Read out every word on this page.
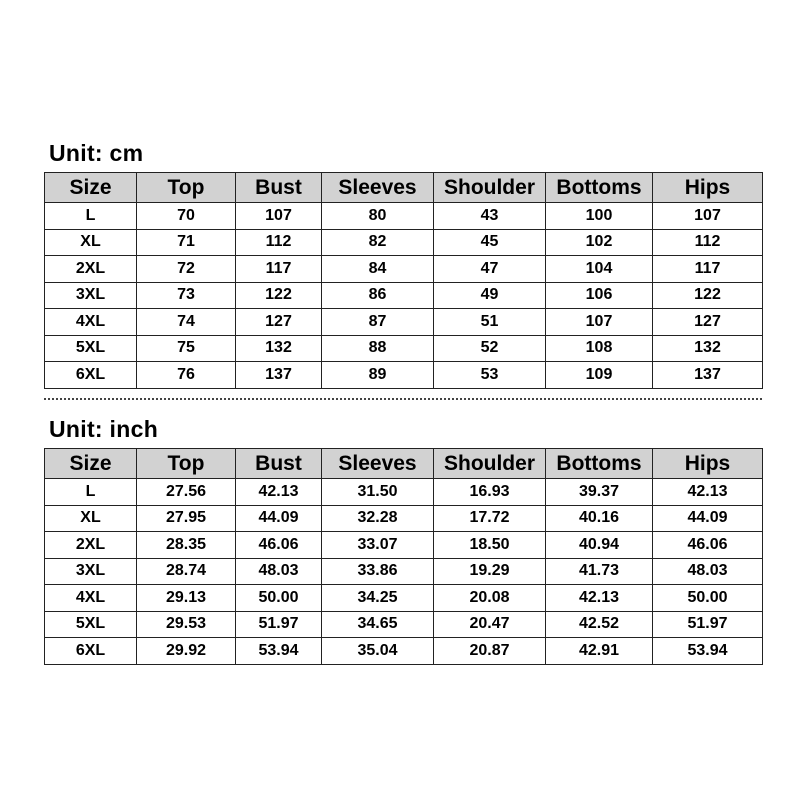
Unit: cm
Size	Top	Bust	Sleeves	Shoulder	Bottoms	Hips
L	70	107	80	43	100	107
XL	71	112	82	45	102	112
2XL	72	117	84	47	104	117
3XL	73	122	86	49	106	122
4XL	74	127	87	51	107	127
5XL	75	132	88	52	108	132
6XL	76	137	89	53	109	137
Unit: inch
Size	Top	Bust	Sleeves	Shoulder	Bottoms	Hips
L	27.56	42.13	31.50	16.93	39.37	42.13
XL	27.95	44.09	32.28	17.72	40.16	44.09
2XL	28.35	46.06	33.07	18.50	40.94	46.06
3XL	28.74	48.03	33.86	19.29	41.73	48.03
4XL	29.13	50.00	34.25	20.08	42.13	50.00
5XL	29.53	51.97	34.65	20.47	42.52	51.97
6XL	29.92	53.94	35.04	20.87	42.91	53.94
